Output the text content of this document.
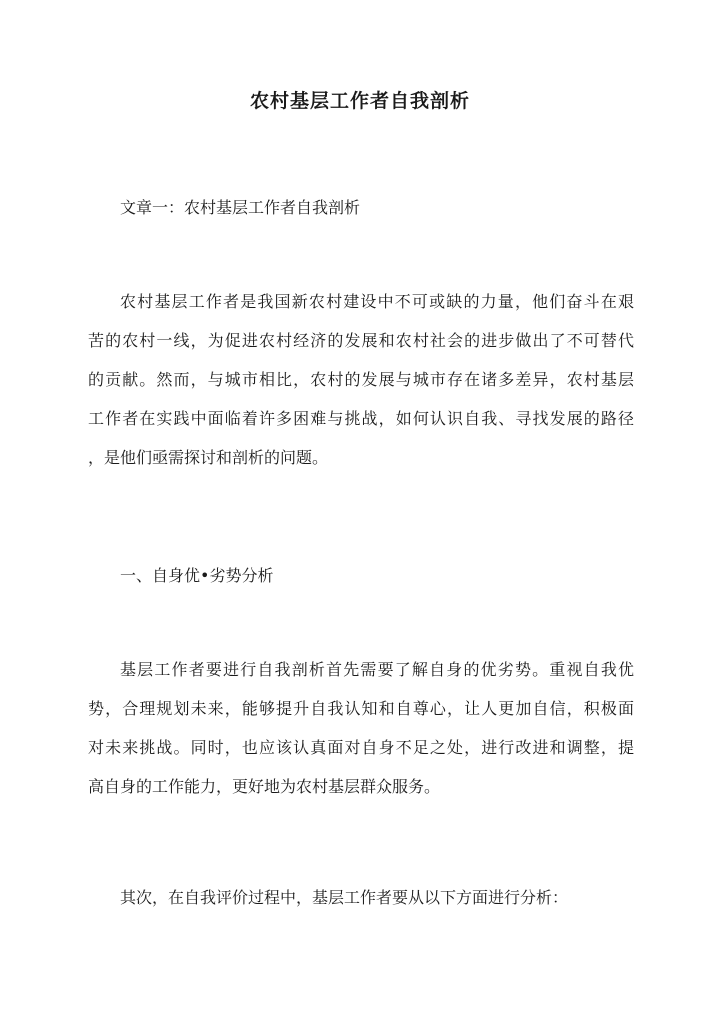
农村基层工作者自我剖析
文章一：农村基层工作者自我剖析
农村基层工作者是我国新农村建设中不可或缺的力量，他们奋斗在艰
苦的农村一线，为促进农村经济的发展和农村社会的进步做出了不可替代
的贡献。然而，与城市相比，农村的发展与城市存在诸多差异，农村基层
工作者在实践中面临着许多困难与挑战，如何认识自我、寻找发展的路径
，是他们亟需探讨和剖析的问题。
一、自身优•劣势分析
基层工作者要进行自我剖析首先需要了解自身的优劣势。重视自我优
势，合理规划未来，能够提升自我认知和自尊心，让人更加自信，积极面
对未来挑战。同时，也应该认真面对自身不足之处，进行改进和调整，提
高自身的工作能力，更好地为农村基层群众服务。
其次，在自我评价过程中，基层工作者要从以下方面进行分析：
